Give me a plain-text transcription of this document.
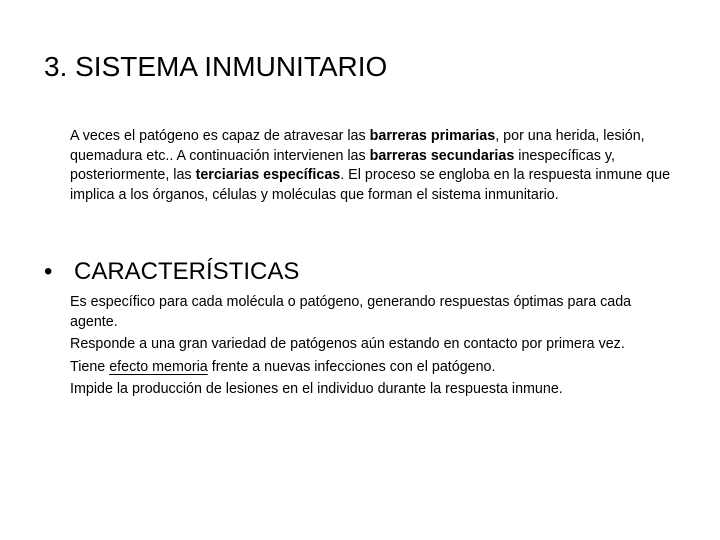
3. SISTEMA INMUNITARIO

A veces el patógeno es capaz de atravesar las barreras primarias, por una herida, lesión, quemadura etc.. A continuación intervienen las barreras secundarias inespecíficas y, posteriormente, las terciarias específicas. El proceso se engloba en la respuesta inmune que implica a los órganos, células y moléculas que forman el sistema inmunitario.

• CARACTERÍSTICAS
Es específico para cada molécula o patógeno, generando respuestas óptimas para cada agente.
Responde a una gran variedad de patógenos aún estando en contacto por primera vez.
Tiene efecto memoria frente a nuevas infecciones con el patógeno.
Impide la producción de lesiones en el individuo durante la respuesta inmune.
